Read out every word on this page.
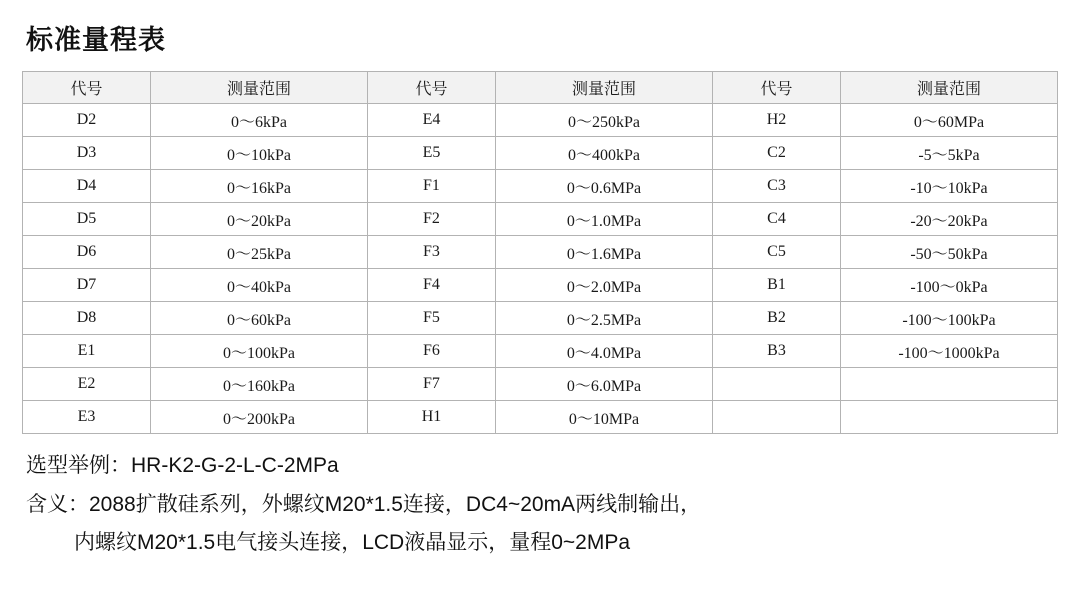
标准量程表
代号	测量范围	代号	测量范围	代号	测量范围
D2	0～6kPa	E4	0～250kPa	H2	0～60MPa
D3	0～10kPa	E5	0～400kPa	C2	-5～5kPa
D4	0～16kPa	F1	0～0.6MPa	C3	-10～10kPa
D5	0～20kPa	F2	0～1.0MPa	C4	-20～20kPa
D6	0～25kPa	F3	0～1.6MPa	C5	-50～50kPa
D7	0～40kPa	F4	0～2.0MPa	B1	-100～0kPa
D8	0～60kPa	F5	0～2.5MPa	B2	-100～100kPa
E1	0～100kPa	F6	0～4.0MPa	B3	-100～1000kPa
E2	0～160kPa	F7	0～6.0MPa		
E3	0～200kPa	H1	0～10MPa		
选型举例：HR-K2-G-2-L-C-2MPa
含义：2088扩散硅系列，外螺纹M20*1.5连接，DC4~20mA两线制输出，
内螺纹M20*1.5电气接头连接，LCD液晶显示，量程0~2MPa
